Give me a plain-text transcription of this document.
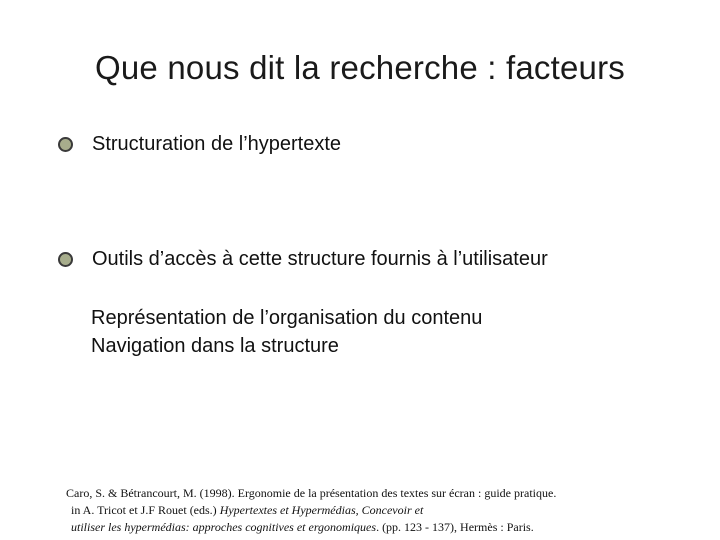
Que nous dit la recherche : facteurs
Structuration de l’hypertexte
Outils d’accès à cette structure fournis à l’utilisateur
Représentation de l’organisation du contenu
Navigation dans la structure
Caro, S. & Bétrancourt, M. (1998). Ergonomie de la présentation des textes sur écran : guide pratique.
in A. Tricot et J.F Rouet (eds.) Hypertextes et Hypermédias, Concevoir et
utiliser les hypermédias: approches cognitives et ergonomiques. (pp. 123 - 137), Hermès : Paris.
